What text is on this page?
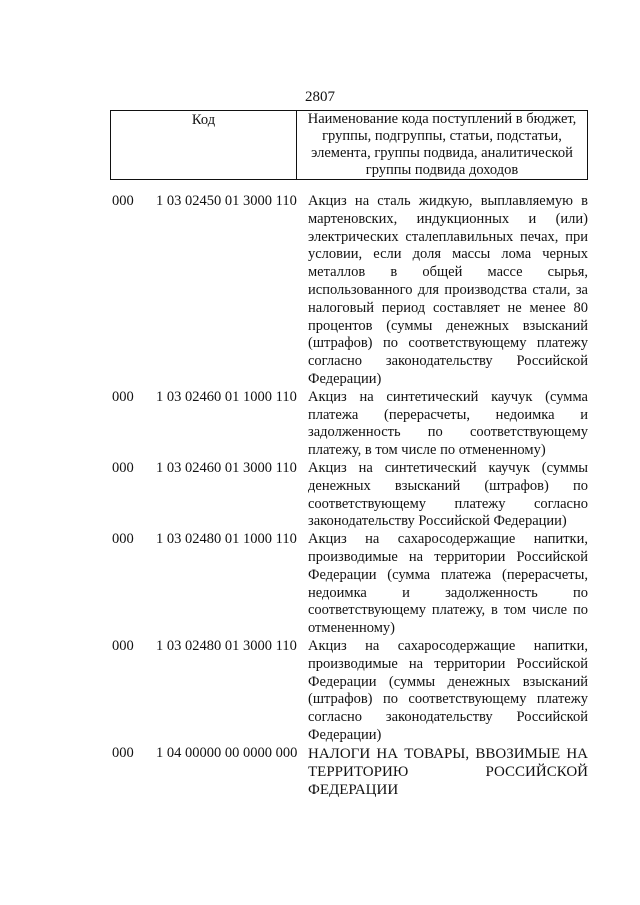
2807
Код	Наименование кода поступлений в бюджет, группы, подгруппы, статьи, подстатьи, элемента, группы подвида, аналитической группы подвида доходов
000	1 03 02450 01 3000 110 Акциз на сталь жидкую, выплавляемую в мартеновских, индукционных и (или) электрических сталеплавильных печах, при условии, если доля массы лома черных металлов в общей массе сырья, использованного для производства стали, за налоговый период составляет не менее 80 процентов (суммы денежных взысканий (штрафов) по соответствующему платежу согласно законодательству Российской Федерации)
000	1 03 02460 01 1000 110 Акциз на синтетический каучук (сумма платежа (перерасчеты, недоимка и задолженность по соответствующему платежу, в том числе по отмененному)
000	1 03 02460 01 3000 110 Акциз на синтетический каучук (суммы денежных взысканий (штрафов) по соответствующему платежу согласно законодательству Российской Федерации)
000	1 03 02480 01 1000 110 Акциз на сахаросодержащие напитки, производимые на территории Российской Федерации (сумма платежа (перерасчеты, недоимка и задолженность по соответствующему платежу, в том числе по отмененному)
000	1 03 02480 01 3000 110 Акциз на сахаросодержащие напитки, производимые на территории Российской Федерации (суммы денежных взысканий (штрафов) по соответствующему платежу согласно законодательству Российской Федерации)
000	1 04 00000 00 0000 000 НАЛОГИ НА ТОВАРЫ, ВВОЗИМЫЕ НА ТЕРРИТОРИЮ РОССИЙСКОЙ ФЕДЕРАЦИИ
